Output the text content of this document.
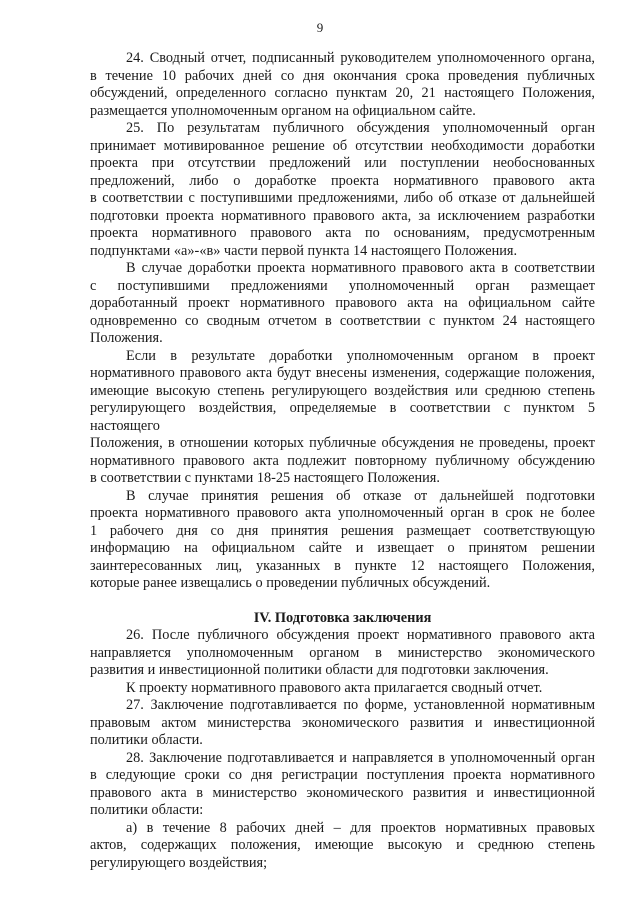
9
24. Сводный отчет, подписанный руководителем уполномоченного органа,
в течение 10 рабочих дней со дня окончания срока проведения публичных
обсуждений, определенного согласно пунктам 20, 21 настоящего Положения,
размещается уполномоченным органом на официальном сайте.
25. По результатам публичного обсуждения уполномоченный орган
принимает мотивированное решение об отсутствии необходимости доработки
проекта при отсутствии предложений или поступлении необоснованных
предложений, либо о доработке проекта нормативного правового акта
в соответствии с поступившими предложениями, либо об отказе от дальнейшей
подготовки проекта нормативного правового акта, за исключением разработки
проекта нормативного правового акта по основаниям, предусмотренным
подпунктами «а»-«в» части первой пункта 14 настоящего Положения.
В случае доработки проекта нормативного правового акта в соответствии
с поступившими предложениями уполномоченный орган размещает
доработанный проект нормативного правового акта на официальном сайте
одновременно со сводным отчетом в соответствии с пунктом 24 настоящего
Положения.
Если в результате доработки уполномоченным органом в проект
нормативного правового акта будут внесены изменения, содержащие положения,
имеющие высокую степень регулирующего воздействия или среднюю степень
регулирующего воздействия, определяемые в соответствии с пунктом 5 настоящего
Положения, в отношении которых публичные обсуждения не проведены, проект
нормативного правового акта подлежит повторному публичному обсуждению
в соответствии с пунктами 18-25 настоящего Положения.
В случае принятия решения об отказе от дальнейшей подготовки
проекта нормативного правового акта уполномоченный орган в срок не более
1 рабочего дня со дня принятия решения размещает соответствующую
информацию на официальном сайте и извещает о принятом решении
заинтересованных лиц, указанных в пункте 12 настоящего Положения,
которые ранее извещались о проведении публичных обсуждений.
IV. Подготовка заключения
26. После публичного обсуждения проект нормативного правового акта
направляется уполномоченным органом в министерство экономического
развития и инвестиционной политики области для подготовки заключения.
К проекту нормативного правового акта прилагается сводный отчет.
27. Заключение подготавливается по форме, установленной нормативным
правовым актом министерства экономического развития и инвестиционной
политики области.
28. Заключение подготавливается и направляется в уполномоченный орган
в следующие сроки со дня регистрации поступления проекта нормативного
правового акта в министерство экономического развития и инвестиционной
политики области:
а) в течение 8 рабочих дней – для проектов нормативных правовых
актов, содержащих положения, имеющие высокую и среднюю степень
регулирующего воздействия;
